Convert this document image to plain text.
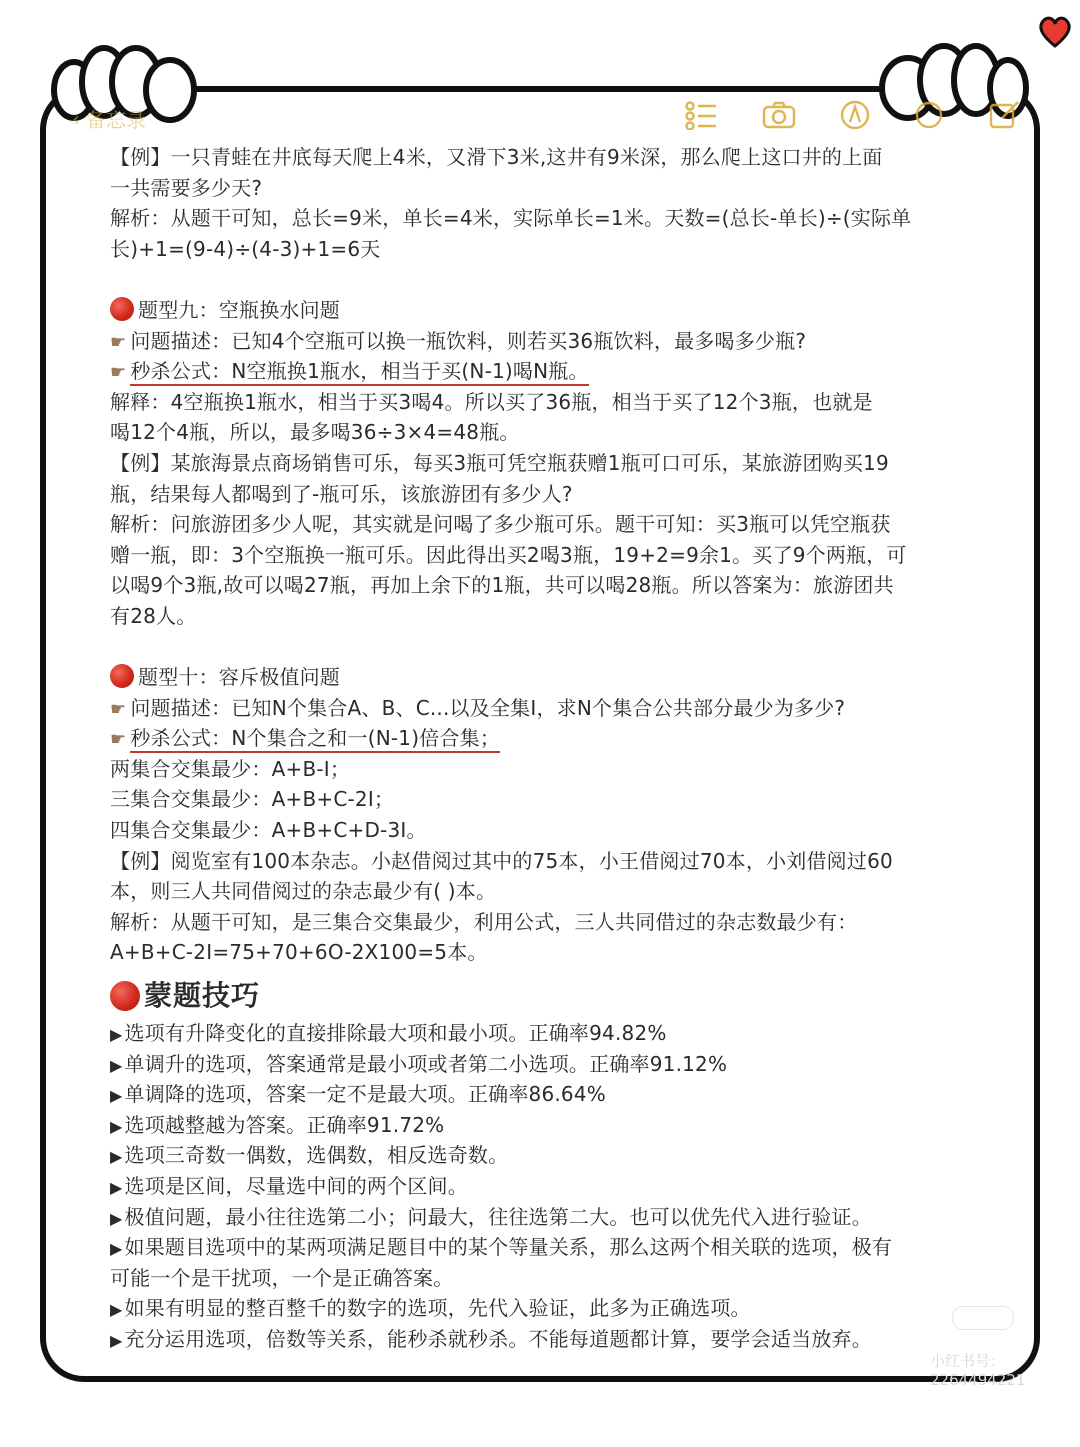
‹ 备忘录
【例】一只青蛙在井底每天爬上4米，又滑下3米,这井有9米深，那么爬上这口井的上面
一共需要多少天?
解析：从题干可知，总长=9米，单长=4米，实际单长=1米。天数=(总长-单长)÷(实际单
长)+1=(9-4)÷(4-3)+1=6天
题型九：空瓶换水问题
☛ 问题描述：已知4个空瓶可以换一瓶饮料，则若买36瓶饮料，最多喝多少瓶?
☛ 秒杀公式：N空瓶换1瓶水，相当于买(N-1)喝N瓶。
解释：4空瓶换1瓶水，相当于买3喝4。所以买了36瓶，相当于买了12个3瓶，也就是
喝12个4瓶，所以，最多喝36÷3×4=48瓶。
【例】某旅海景点商场销售可乐，每买3瓶可凭空瓶获赠1瓶可口可乐，某旅游团购买19
瓶，结果每人都喝到了-瓶可乐，该旅游团有多少人?
解析：问旅游团多少人呢，其实就是问喝了多少瓶可乐。题干可知：买3瓶可以凭空瓶获
赠一瓶，即：3个空瓶换一瓶可乐。因此得出买2喝3瓶，19+2=9余1。买了9个两瓶，可
以喝9个3瓶,故可以喝27瓶，再加上余下的1瓶，共可以喝28瓶。所以答案为：旅游团共
有28人。
题型十：容斥极值问题
☛ 问题描述：已知N个集合A、B、C...以及全集I，求N个集合公共部分最少为多少?
☛ 秒杀公式：N个集合之和一(N-1)倍合集；
两集合交集最少：A+B-I；
三集合交集最少：A+B+C-2I；
四集合交集最少：A+B+C+D-3I。
【例】阅览室有100本杂志。小赵借阅过其中的75本，小王借阅过70本，小刘借阅过60
本，则三人共同借阅过的杂志最少有( )本。
解析：从题干可知，是三集合交集最少，利用公式，三人共同借过的杂志数最少有：
A+B+C-2I=75+70+6O-2X100=5本。
蒙题技巧
▶ 选项有升降变化的直接排除最大项和最小项。正确率94.82%
▶ 单调升的选项，答案通常是最小项或者第二小选项。正确率91.12%
▶ 单调降的选项，答案一定不是最大项。正确率86.64%
▶ 选项越整越为答案。正确率91.72%
▶ 选项三奇数一偶数，选偶数，相反选奇数。
▶ 选项是区间，尽量选中间的两个区间。
▶ 极值问题，最小往往选第二小；问最大，往往选第二大。也可以优先代入进行验证。
▶ 如果题目选项中的某两项满足题目中的某个等量关系，那么这两个相关联的选项，极有
可能一个是干扰项，一个是正确答案。
▶ 如果有明显的整百整千的数字的选项，先代入验证，此多为正确选项。
▶ 充分运用选项，倍数等关系，能秒杀就秒杀。不能每道题都计算，要学会适当放弃。
小红书号：2264494221
